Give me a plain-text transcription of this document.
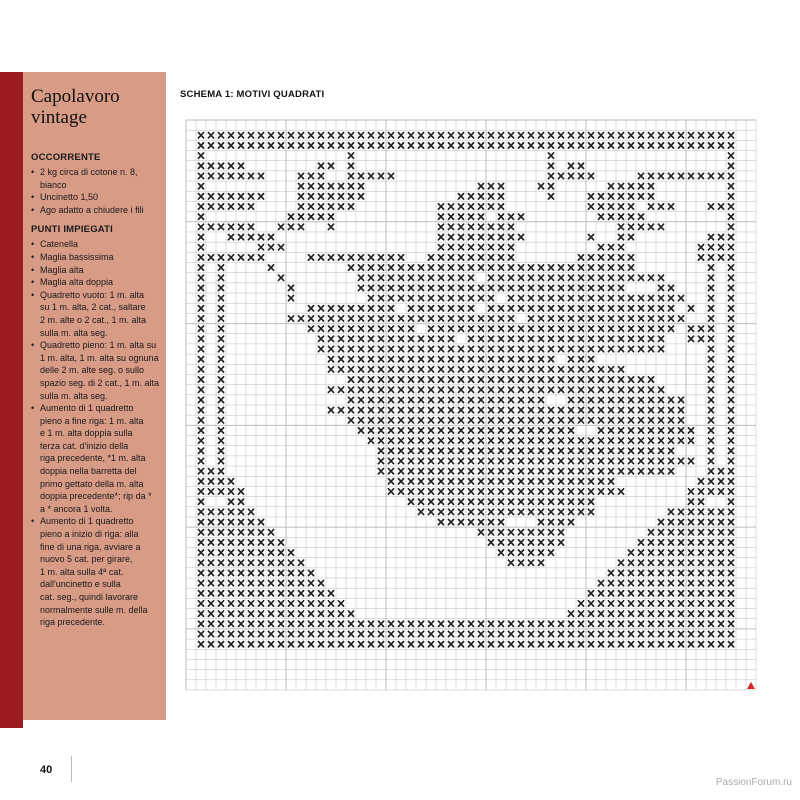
Capolavoro
vintage
OCCORRENTE
• 2 kg circa di cotone n. 8,
bianco
• Uncinetto 1,50
• Ago adatto a chiudere i fili
PUNTI IMPIEGATI
• Catenella
• Maglia bassissima
• Maglia alta
• Maglia alta doppia
• Quadretto vuoto: 1 m. alta
su 1 m. alta, 2 cat., saltare
2 m. alte o 2 cat., 1 m. alta
sulla m. alta seg.
• Quadretto pieno: 1 m. alta su
1 m. alta, 1 m. alta su ognuna
delle 2 m. alte seg. o sullo
spazio seg. di 2 cat., 1 m. alta
sulla m. alta seg.
• Aumento di 1 quadretto
pieno a fine riga: 1 m. alta
e 1 m. alta doppia sulla
terza cat. d'inizio della
riga precedente, *1 m. alta
doppia nella barretta del
primo gettato della m. alta
doppia precedente*; rip da *
a * ancora 1 volta.
• Aumento di 1 quadretto
pieno a inizio di riga: alla
fine di una riga, avviare a
nuovo 5 cat. per girare,
1 m. alta sulla 4ª cat.
dall'uncinetto e sulla
cat. seg., quindi lavorare
normalmente sulle m. della
riga precedente.
SCHEMA 1: MOTIVI QUADRATI
40
PassionForum.ru
